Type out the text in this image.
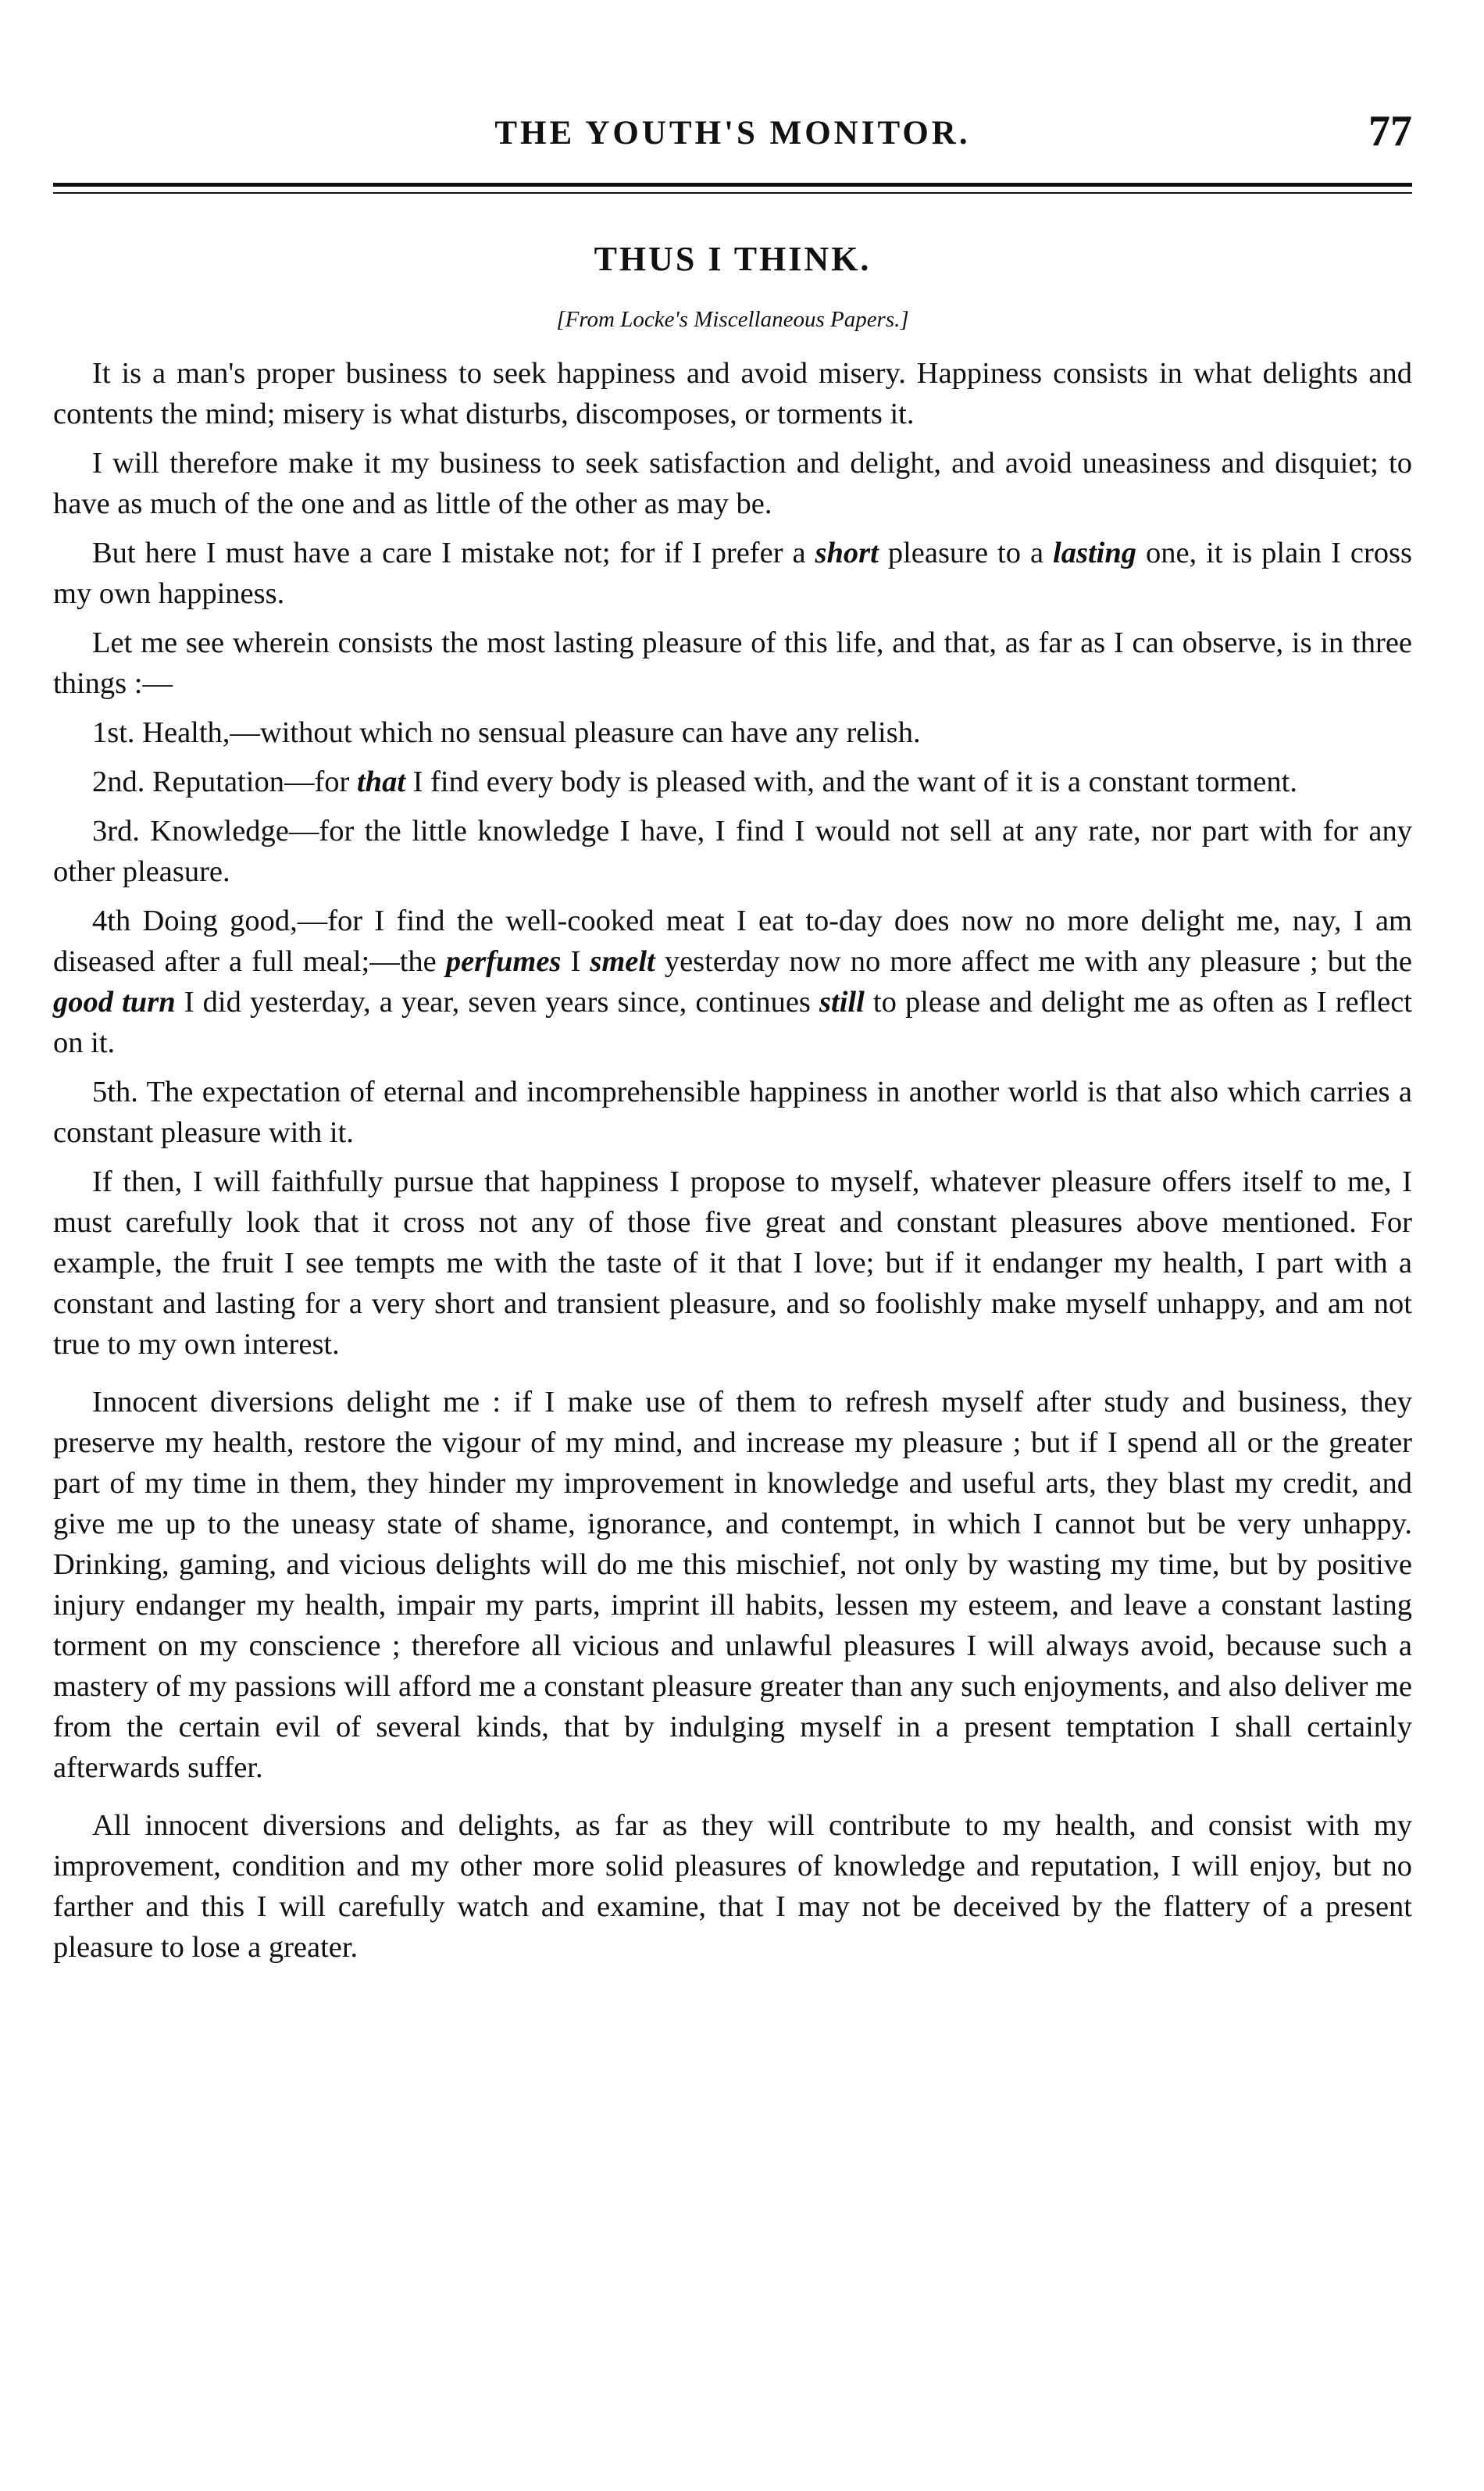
THE YOUTH'S MONITOR.	77
THUS I THINK.
[From Locke's Miscellaneous Papers.]

It is a man's proper business to seek happiness and avoid misery. Happiness consists in what delights and contents the mind; misery is what disturbs, discomposes, or torments it.

I will therefore make it my business to seek satisfaction and delight, and avoid uneasiness and disquiet; to have as much of the one and as little of the other as may be.

But here I must have a care I mistake not; for if I prefer a short pleasure to a lasting one, it is plain I cross my own happiness.

Let me see wherein consists the most lasting pleasure of this life, and that, as far as I can observe, is in three things :—

1st. Health,—without which no sensual pleasure can have any relish.

2nd. Reputation—for that I find every body is pleased with, and the want of it is a constant torment.

3rd. Knowledge—for the little knowledge I have, I find I would not sell at any rate, nor part with for any other pleasure.

4th Doing good,—for I find the well-cooked meat I eat to-day does now no more delight me, nay, I am diseased after a full meal;—the perfumes I smelt yesterday now no more affect me with any pleasure ; but the good turn I did yesterday, a year, seven years since, continues still to please and delight me as often as I reflect on it.

5th. The expectation of eternal and incomprehensible happiness in another world is that also which carries a constant pleasure with it.

If then, I will faithfully pursue that happiness I propose to myself, whatever pleasure offers itself to me, I must carefully look that it cross not any of those five great and constant pleasures above mentioned. For example, the fruit I see tempts me with the taste of it that I love; but if it endanger my health, I part with a constant and lasting for a very short and transient pleasure, and so foolishly make myself unhappy, and am not true to my own interest.

Innocent diversions delight me : if I make use of them to refresh myself after study and business, they preserve my health, restore the vigour of my mind, and increase my pleasure ; but if I spend all or the greater part of my time in them, they hinder my improvement in knowledge and useful arts, they blast my credit, and give me up to the uneasy state of shame, ignorance, and contempt, in which I cannot but be very unhappy. Drinking, gaming, and vicious delights will do me this mischief, not only by wasting my time, but by positive injury endanger my health, impair my parts, imprint ill habits, lessen my esteem, and leave a constant lasting torment on my conscience ; therefore all vicious and unlawful pleasures I will always avoid, because such a mastery of my passions will afford me a constant pleasure greater than any such enjoyments, and also deliver me from the certain evil of several kinds, that by indulging myself in a present temptation I shall certainly afterwards suffer.

All innocent diversions and delights, as far as they will contribute to my health, and consist with my improvement, condition and my other more solid pleasures of knowledge and reputation, I will enjoy, but no farther and this I will carefully watch and examine, that I may not be deceived by the flattery of a present pleasure to lose a greater.
